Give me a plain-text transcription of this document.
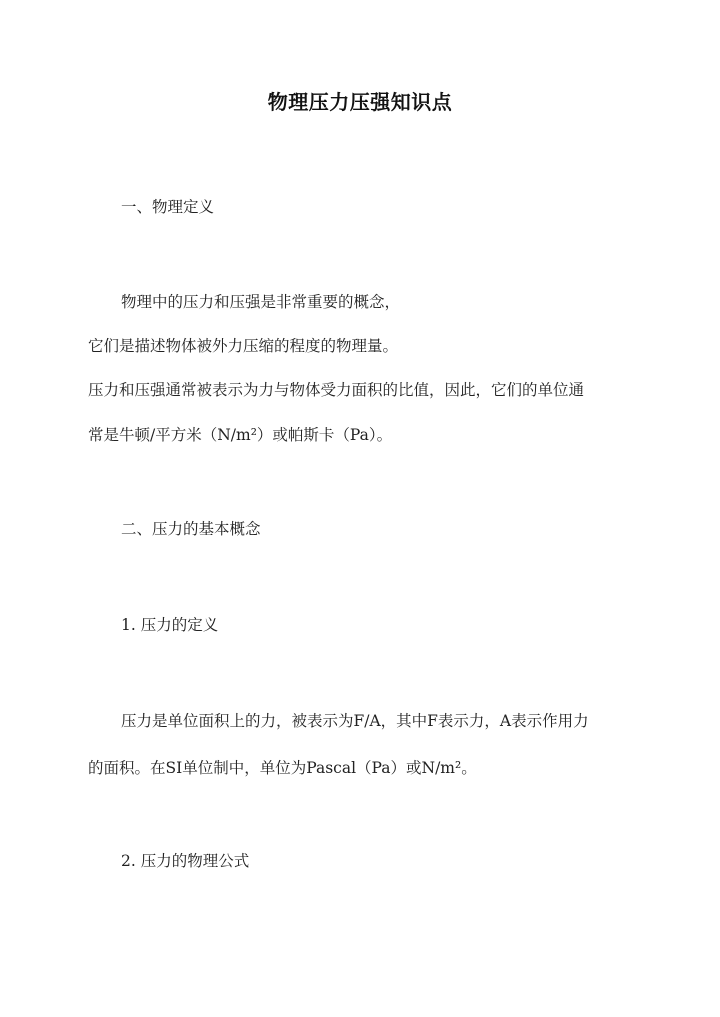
物理压力压强知识点
一、物理定义
物理中的压力和压强是非常重要的概念，
它们是描述物体被外力压缩的程度的物理量。
压力和压强通常被表示为力与物体受力面积的比值，因此，它们的单位通
常是牛顿/平方米（N/m²）或帕斯卡（Pa）。
二、压力的基本概念
1. 压力的定义
压力是单位面积上的力，被表示为F/A，其中F表示力，A表示作用力
的面积。在SI单位制中，单位为Pascal（Pa）或N/m²。
2. 压力的物理公式
